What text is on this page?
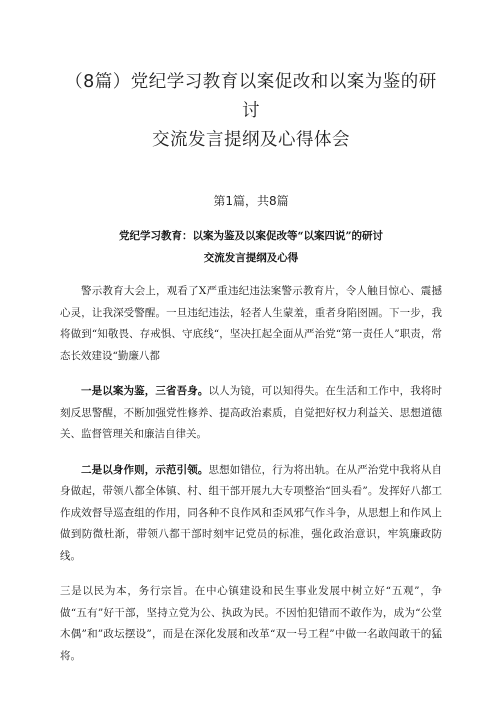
（8篇）党纪学习教育以案促改和以案为鉴的研讨
交流发言提纲及心得体会
第1篇，共8篇
党纪学习教育：以案为鉴及以案促改等“以案四说”的研讨
交流发言提纲及心得

警示教育大会上，观看了X严重违纪违法案警示教育片，令人触目惊心、震撼心灵，让我深受警醒。一旦违纪违法，轻者人生蒙羞，重者身陷囹圄。下一步，我将做到“知敬畏、存戒惧、守底线“，坚决扛起全面从严治党“第一责任人”职责，常态长效建设“勤廉八都

一是以案为鉴，三省吾身。以人为镜，可以知得失。在生活和工作中，我将时刻反思警醒，不断加强党性修养、提高政治素质，自觉把好权力利益关、思想道德关、监督管理关和廉洁自律关。

二是以身作则，示范引领。思想如错位，行为将出轨。在从严治党中我将从自身做起，带领八都全体镇、村、组干部开展九大专项整治“回头看”。发挥好八都工作成效督导巡查组的作用，同各种不良作风和歪风邪气作斗争，从思想上和作风上做到防微杜渐，带领八都干部时刻牢记党员的标准，强化政治意识，牢筑廉政防线。

三是以民为本，务行宗旨。在中心镇建设和民生事业发展中树立好“五观”，争做“五有”好干部，坚持立党为公、执政为民。不因怕犯错而不敢作为，成为“公堂木偶”和”政坛摆设”，而是在深化发展和改革“双一号工程”中做一名敢闯敢干的猛将。
